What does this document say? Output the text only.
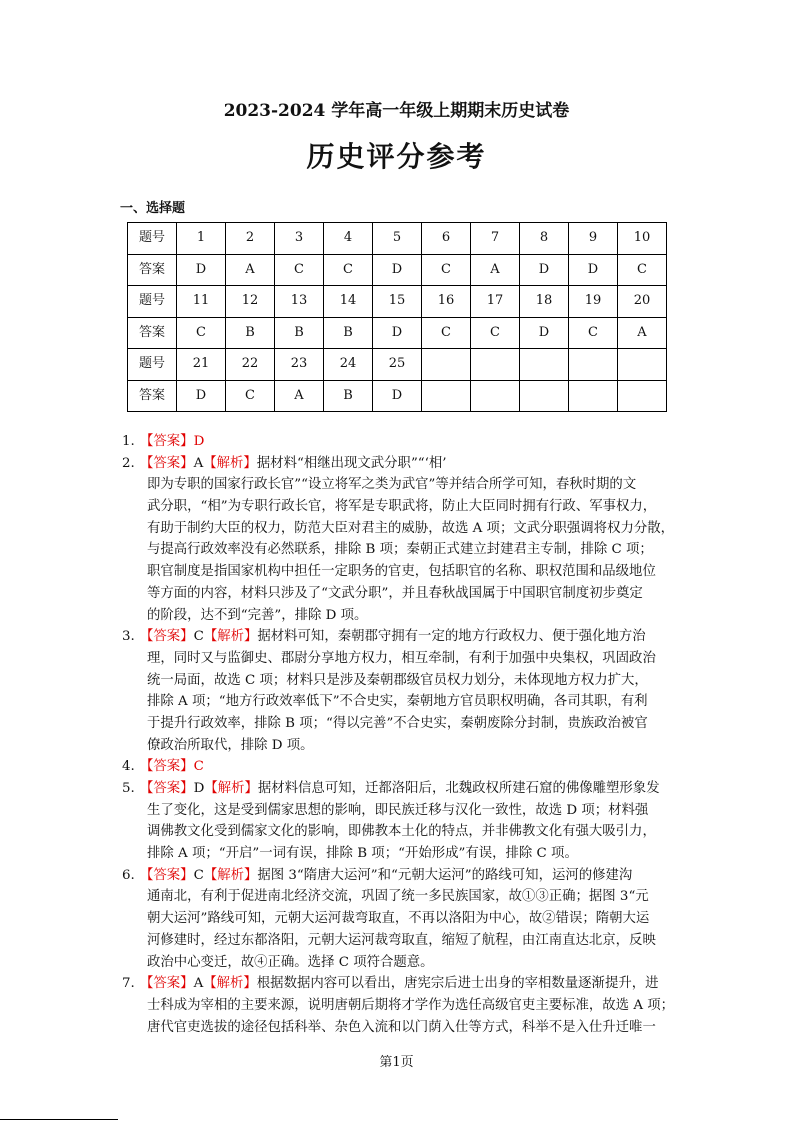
2023-2024 学年高一年级上期期末历史试卷
历史评分参考
一、选择题
题号	1	2	3	4	5	6	7	8	9	10
答案	D	A	C	C	D	C	A	D	D	C
题号	11	12	13	14	15	16	17	18	19	20
答案	C	B	B	B	D	C	C	D	C	A
题号	21	22	23	24	25					
答案	D	C	A	B	D					
1. 【答案】D
2. 【答案】A【解析】据材料“相继出现文武分职”“‘相’
即为专职的国家行政长官”“设立将军之类为武官”等并结合所学可知，春秋时期的文
武分职，“相”为专职行政长官，将军是专职武将，防止大臣同时拥有行政、军事权力，
有助于制约大臣的权力，防范大臣对君主的威胁，故选 A 项；文武分职强调将权力分散，
与提高行政效率没有必然联系，排除 B 项；秦朝正式建立封建君主专制，排除 C 项；
职官制度是指国家机构中担任一定职务的官吏，包括职官的名称、职权范围和品级地位
等方面的内容，材料只涉及了“文武分职”，并且春秋战国属于中国职官制度初步奠定
的阶段，达不到“完善”，排除 D 项。
3. 【答案】C【解析】据材料可知，秦朝郡守拥有一定的地方行政权力、便于强化地方治
理，同时又与监御史、郡尉分享地方权力，相互牵制，有利于加强中央集权，巩固政治
统一局面，故选 C 项；材料只是涉及秦朝郡级官员权力划分，未体现地方权力扩大，
排除 A 项；“地方行政效率低下”不合史实，秦朝地方官员职权明确，各司其职，有利
于提升行政效率，排除 B 项；“得以完善”不合史实，秦朝废除分封制，贵族政治被官
僚政治所取代，排除 D 项。
4. 【答案】C
5. 【答案】D【解析】据材料信息可知，迁都洛阳后，北魏政权所建石窟的佛像雕塑形象发
生了变化，这是受到儒家思想的影响，即民族迁移与汉化一致性，故选 D 项；材料强
调佛教文化受到儒家文化的影响，即佛教本土化的特点，并非佛教文化有强大吸引力，
排除 A 项；“开启”一词有误，排除 B 项；“开始形成”有误，排除 C 项。
6. 【答案】C【解析】据图 3“隋唐大运河”和“元朝大运河”的路线可知，运河的修建沟
通南北，有利于促进南北经济交流，巩固了统一多民族国家，故①③正确；据图 3“元
朝大运河”路线可知，元朝大运河裁弯取直，不再以洛阳为中心，故②错误；隋朝大运
河修建时，经过东都洛阳，元朝大运河裁弯取直，缩短了航程，由江南直达北京，反映
政治中心变迁，故④正确。选择 C 项符合题意。
7. 【答案】A【解析】根据数据内容可以看出，唐宪宗后进士出身的宰相数量逐渐提升，进
士科成为宰相的主要来源，说明唐朝后期将才学作为选任高级官吏主要标准，故选 A 项；
唐代官吏选拔的途径包括科举、杂色入流和以门荫入仕等方式，科举不是入仕升迁唯一
第1页
